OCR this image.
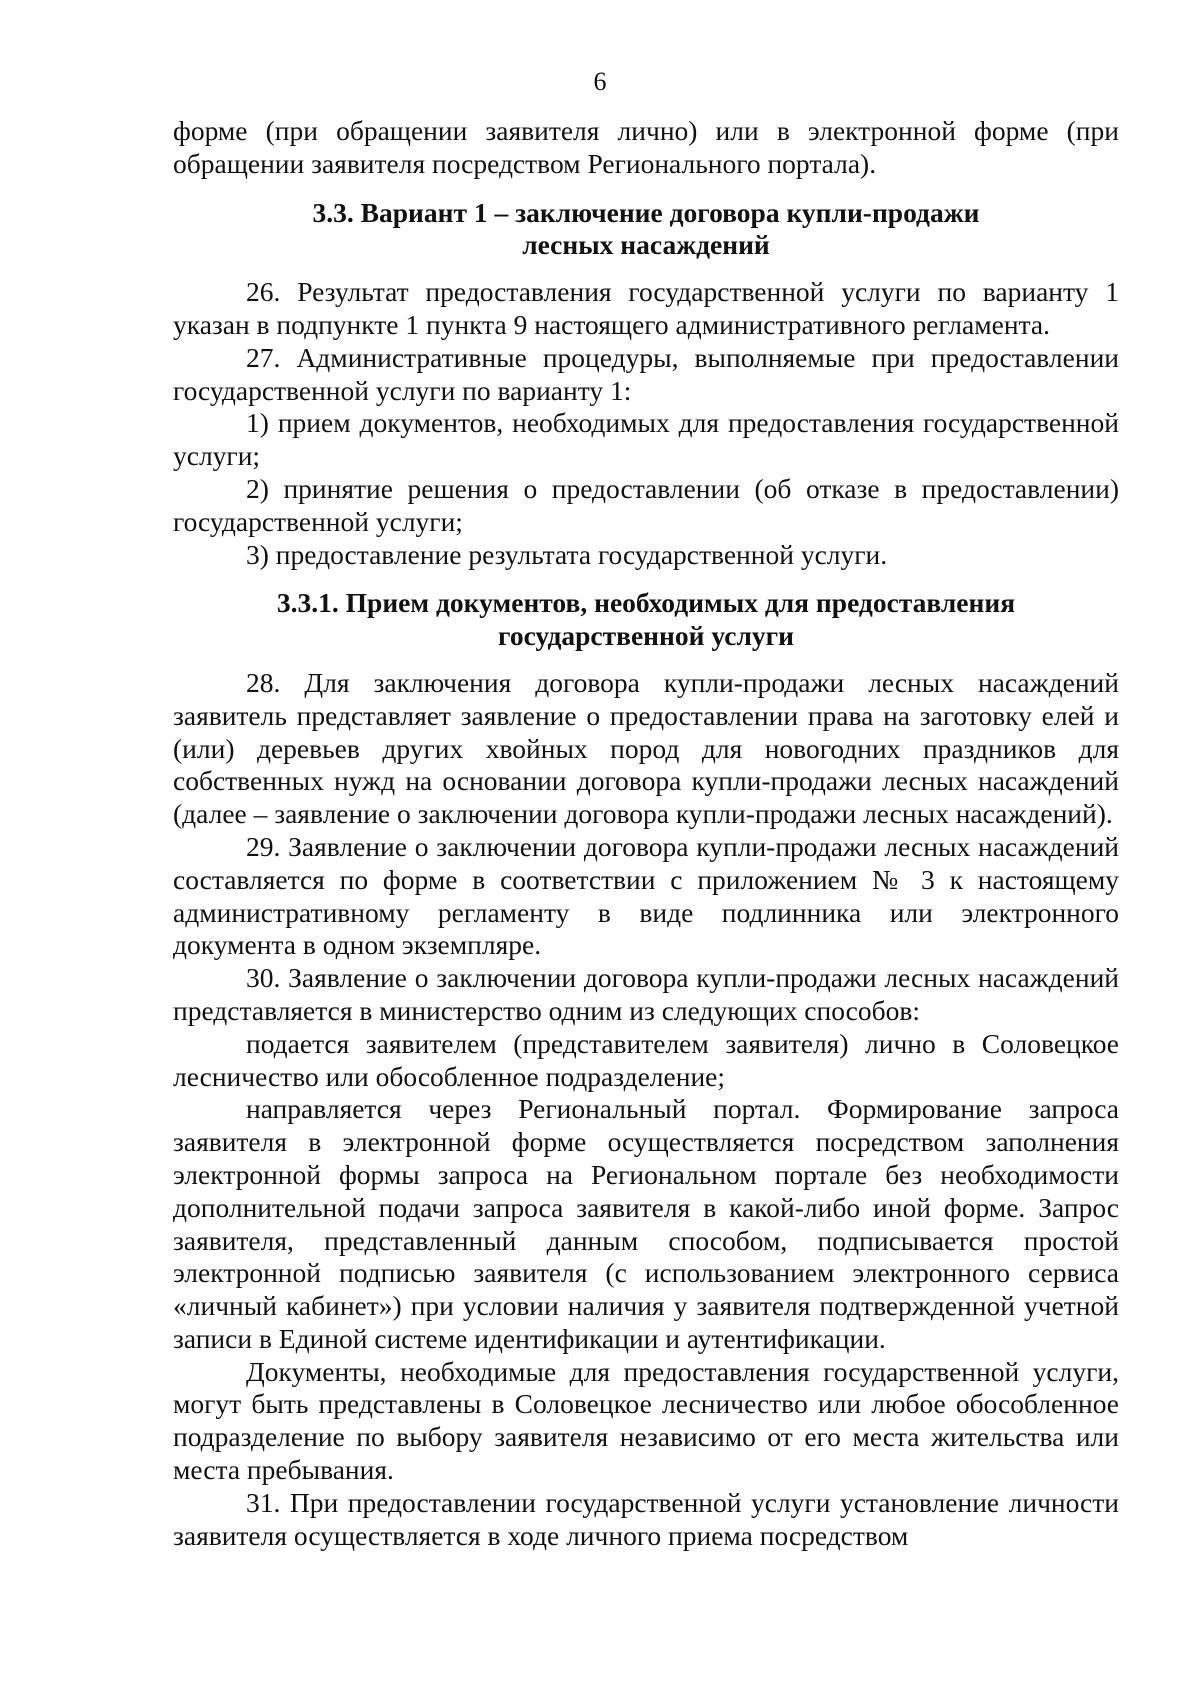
6

форме (при обращении заявителя лично) или в электронной форме (при обращении заявителя посредством Регионального портала).

3.3. Вариант 1 – заключение договора купли-продажи
лесных насаждений

26. Результат предоставления государственной услуги по варианту 1 указан в подпункте 1 пункта 9 настоящего административного регламента.

27. Административные процедуры, выполняемые при предоставлении государственной услуги по варианту 1:

1) прием документов, необходимых для предоставления государственной услуги;

2) принятие решения о предоставлении (об отказе в предоставлении) государственной услуги;

3) предоставление результата государственной услуги.

3.3.1. Прием документов, необходимых для предоставления
государственной услуги

28. Для заключения договора купли-продажи лесных насаждений заявитель представляет заявление о предоставлении права на заготовку елей и (или) деревьев других хвойных пород для новогодних праздников для собственных нужд на основании договора купли-продажи лесных насаждений (далее – заявление о заключении договора купли-продажи лесных насаждений).

29. Заявление о заключении договора купли-продажи лесных насаждений составляется по форме в соответствии с приложением № 3 к настоящему административному регламенту в виде подлинника или электронного документа в одном экземпляре.

30. Заявление о заключении договора купли-продажи лесных насаждений представляется в министерство одним из следующих способов:

подается заявителем (представителем заявителя) лично в Соловецкое лесничество или обособленное подразделение;

направляется через Региональный портал. Формирование запроса заявителя в электронной форме осуществляется посредством заполнения электронной формы запроса на Региональном портале без необходимости дополнительной подачи запроса заявителя в какой-либо иной форме. Запрос заявителя, представленный данным способом, подписывается простой электронной подписью заявителя (с использованием электронного сервиса «личный кабинет») при условии наличия у заявителя подтвержденной учетной записи в Единой системе идентификации и аутентификации.

Документы, необходимые для предоставления государственной услуги, могут быть представлены в Соловецкое лесничество или любое обособленное подразделение по выбору заявителя независимо от его места жительства или места пребывания.

31. При предоставлении государственной услуги установление личности заявителя осуществляется в ходе личного приема посредством
